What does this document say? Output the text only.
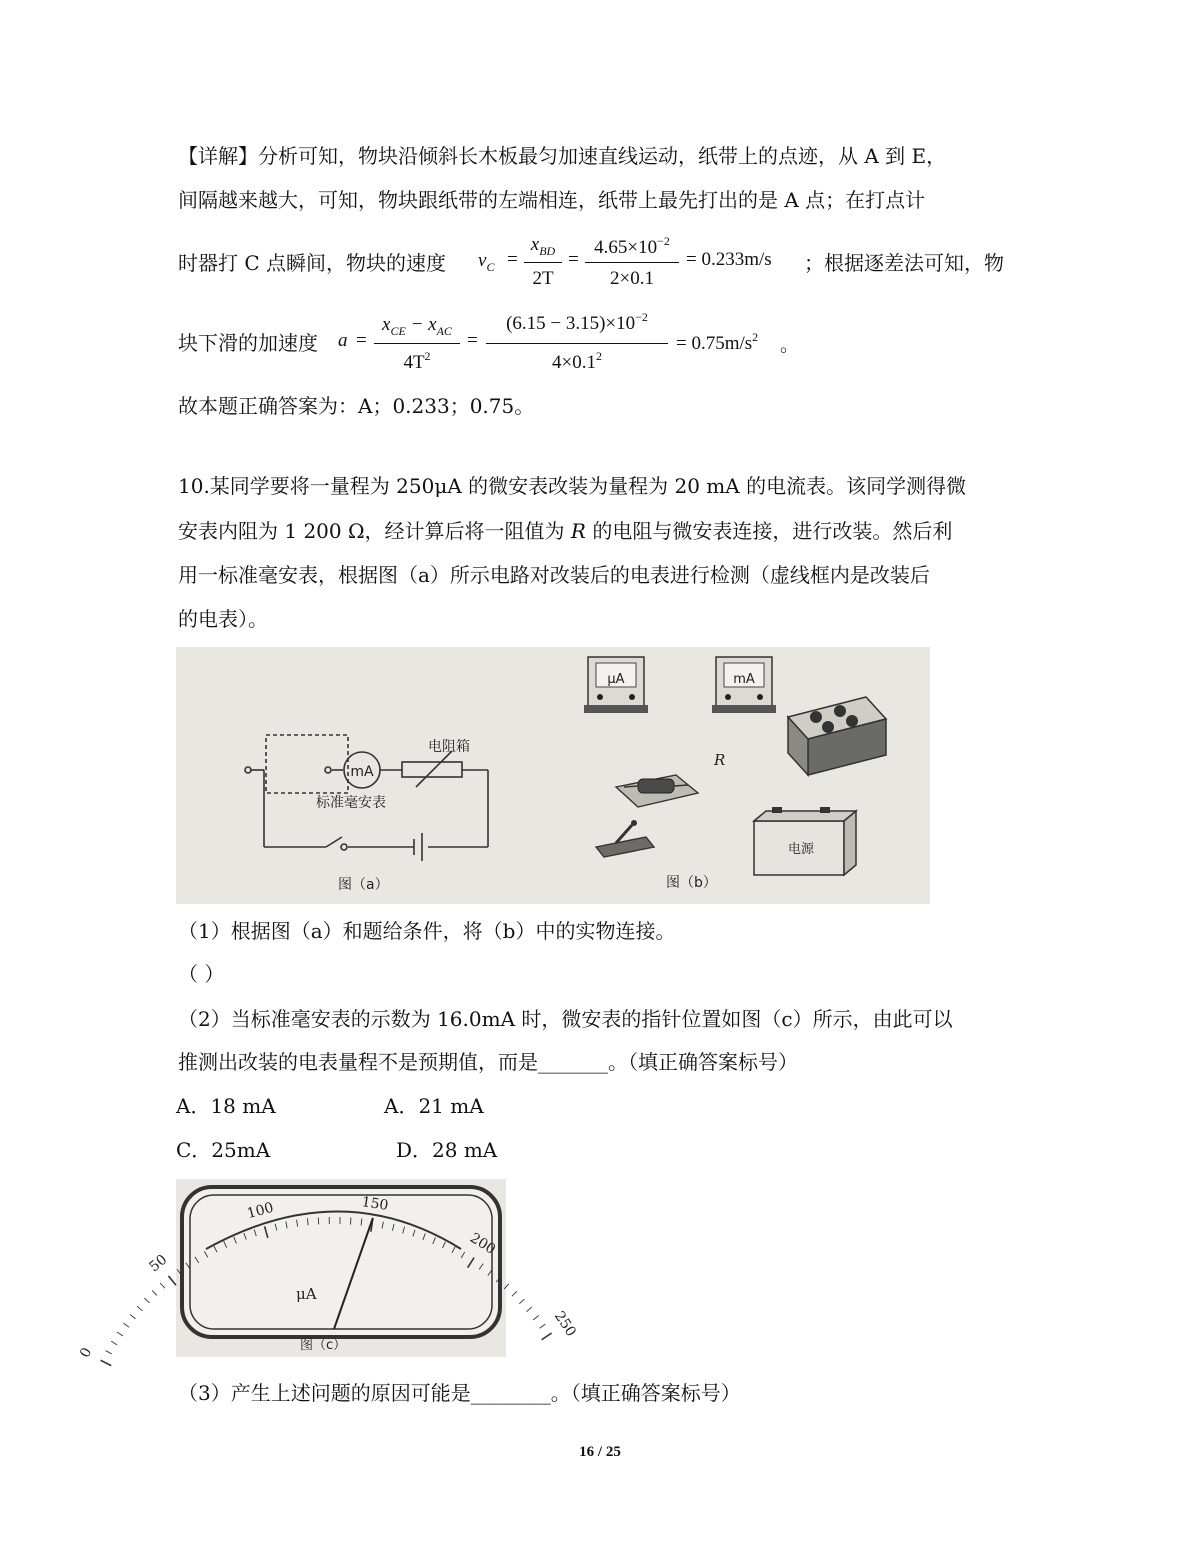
【详解】分析可知，物块沿倾斜长木板最匀加速直线运动，纸带上的点迹，从 A 到 E，
间隔越来越大，可知，物块跟纸带的左端相连，纸带上最先打出的是 A 点；在打点计
时器打 C 点瞬间，物块的速度 $v_C$ =
$x_{BD}$
2T
=
$4.65\times 10^{-2}$
2×0.1
= 0.233m/s ；根据逐差法可知，物
块下滑的加速度 a =
$x_{CE} - x_{AC}$
$4T^2$
=
$(6.15 - 3.15)\times 10^{-2}$
$4\times 0.1^2$
= $0.75m/s^2$ 。
故本题正确答案为：A；0.233；0.75。
10.某同学要将一量程为 250μA 的微安表改装为量程为 20 mA 的电流表。该同学测得微
安表内阻为 1 200 Ω，经计算后将一阻值为 R 的电阻与微安表连接，进行改装。然后利
用一标准毫安表，根据图（a）所示电路对改装后的电表进行检测（虚线框内是改装后
的电表）。
mA
电阻箱
标准毫安表
图（a）
μA	mA
R
电源
图（b）
（1）根据图（a）和题给条件，将（b）中的实物连接。
（ ）
（2）当标准毫安表的示数为 16.0mA 时，微安表的指针位置如图（c）所示，由此可以
推测出改装的电表量程不是预期值，而是_______。（填正确答案标号）
A．18 mA	A．21 mA
C．25mA	D．28 mA
0
50
100	150
200
250
μA
图（c）
（3）产生上述问题的原因可能是________。（填正确答案标号）
16 / 25
